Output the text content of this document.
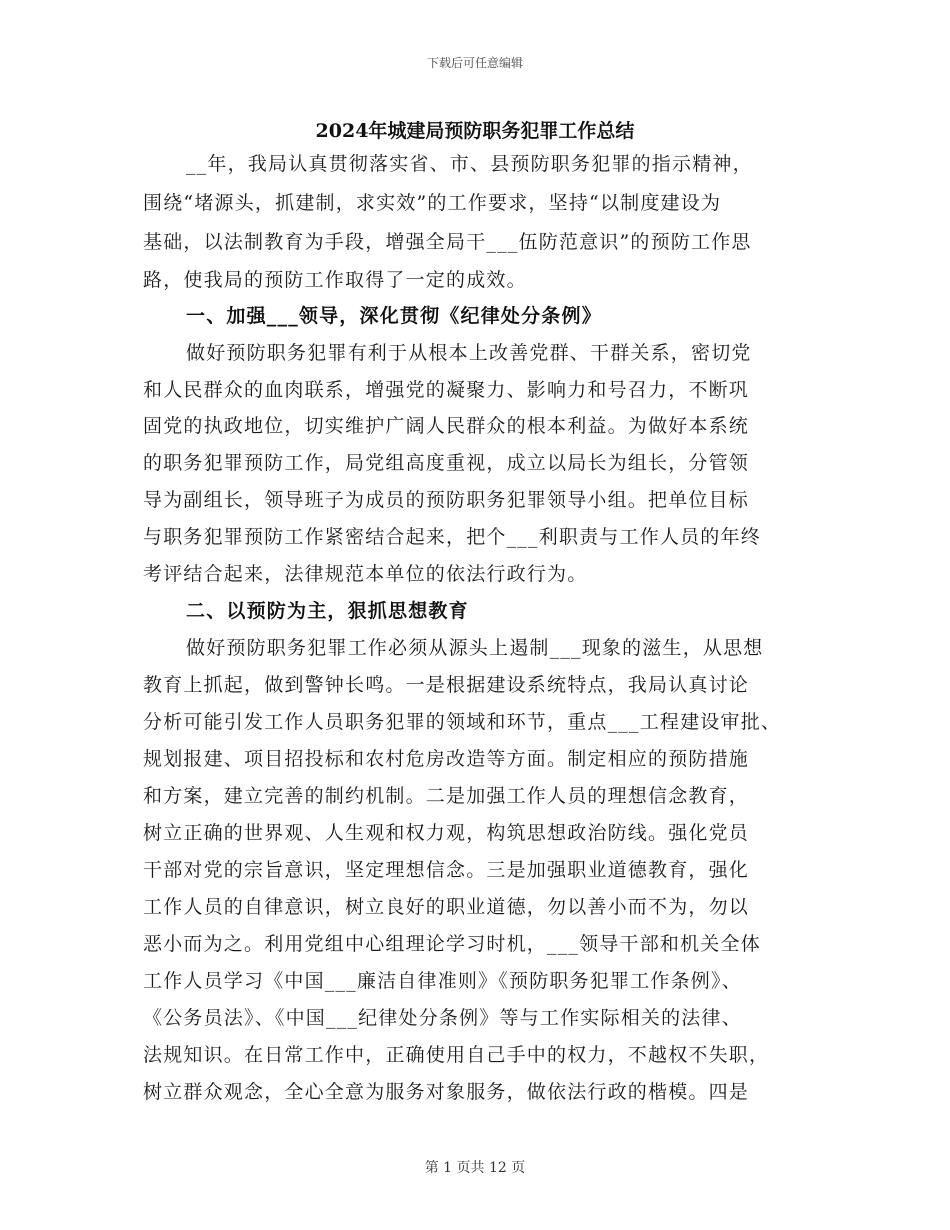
下载后可任意编辑
2024年城建局预防职务犯罪工作总结
__年，我局认真贯彻落实省、市、县预防职务犯罪的指示精神，
围绕“堵源头，抓建制，求实效”的工作要求，坚持“以制度建设为
基础，以法制教育为手段，增强全局干___伍防范意识”的预防工作思
路，使我局的预防工作取得了一定的成效。
一、加强___领导，深化贯彻《纪律处分条例》
做好预防职务犯罪有利于从根本上改善党群、干群关系，密切党
和人民群众的血肉联系，增强党的凝聚力、影响力和号召力，不断巩
固党的执政地位，切实维护广阔人民群众的根本利益。为做好本系统
的职务犯罪预防工作，局党组高度重视，成立以局长为组长，分管领
导为副组长，领导班子为成员的预防职务犯罪领导小组。把单位目标
与职务犯罪预防工作紧密结合起来，把个___利职责与工作人员的年终
考评结合起来，法律规范本单位的依法行政行为。
二、以预防为主，狠抓思想教育
做好预防职务犯罪工作必须从源头上遏制___现象的滋生，从思想
教育上抓起，做到警钟长鸣。一是根据建设系统特点，我局认真讨论
分析可能引发工作人员职务犯罪的领域和环节，重点___工程建设审批、
规划报建、项目招投标和农村危房改造等方面。制定相应的预防措施
和方案，建立完善的制约机制。二是加强工作人员的理想信念教育，
树立正确的世界观、人生观和权力观，构筑思想政治防线。强化党员
干部对党的宗旨意识，坚定理想信念。三是加强职业道德教育，强化
工作人员的自律意识，树立良好的职业道德，勿以善小而不为，勿以
恶小而为之。利用党组中心组理论学习时机，___领导干部和机关全体
工作人员学习《中国___廉洁自律准则》《预防职务犯罪工作条例》、
《公务员法》、《中国___纪律处分条例》等与工作实际相关的法律、
法规知识。在日常工作中，正确使用自己手中的权力，不越权不失职，
树立群众观念，全心全意为服务对象服务，做依法行政的楷模。四是
第 1 页共 12 页
